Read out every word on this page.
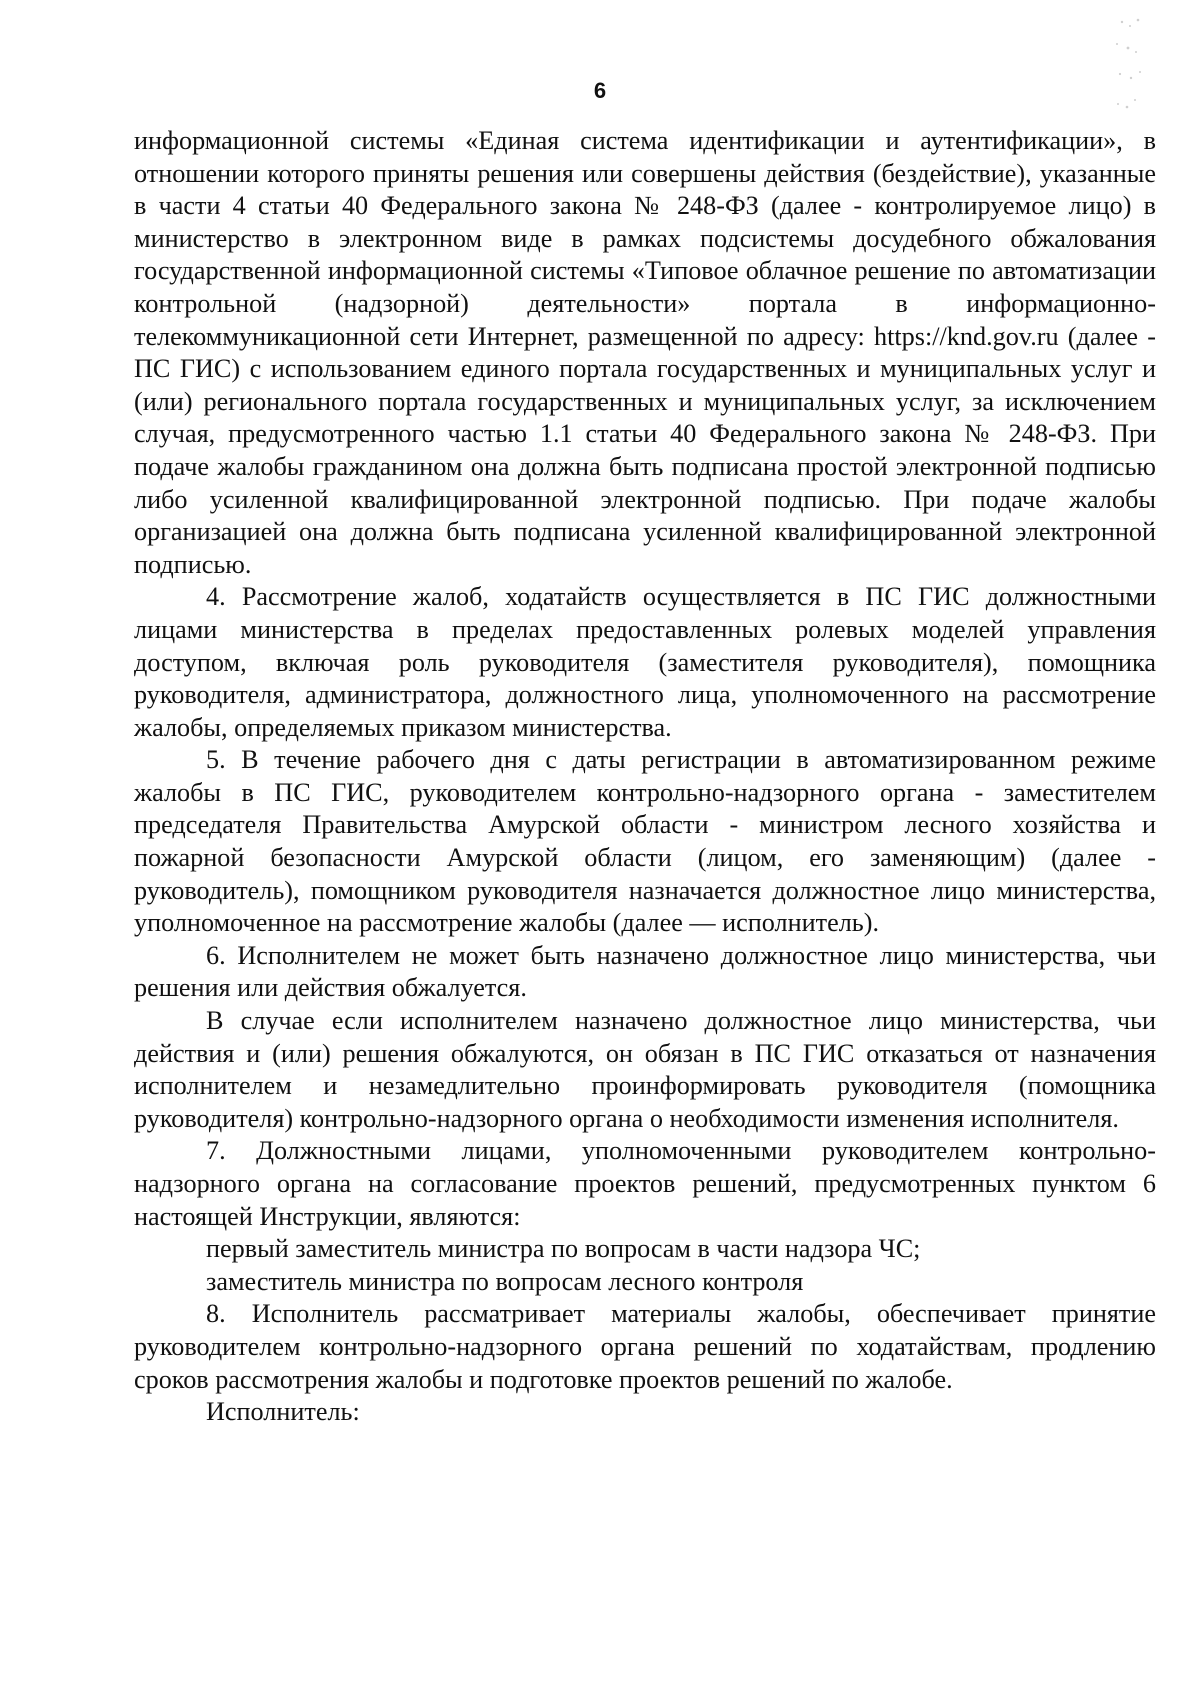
6

информационной системы «Единая система идентификации и аутентификации», в отношении которого приняты решения или совершены действия (бездействие), указанные в части 4 статьи 40 Федерального закона № 248-ФЗ (далее - контролируемое лицо) в министерство в электронном виде в рамках подсистемы досудебного обжалования государственной информационной системы «Типовое облачное решение по автоматизации контрольной (надзорной) деятельности» портала в информационно-телекоммуникационной сети Интернет, размещенной по адресу: https://knd.gov.ru (далее - ПС ГИС) с использованием единого портала государственных и муниципальных услуг и (или) регионального портала государственных и муниципальных услуг, за исключением случая, предусмотренного частью 1.1 статьи 40 Федерального закона № 248-ФЗ. При подаче жалобы гражданином она должна быть подписана простой электронной подписью либо усиленной квалифицированной электронной подписью. При подаче жалобы организацией она должна быть подписана усиленной квалифицированной электронной подписью.

4. Рассмотрение жалоб, ходатайств осуществляется в ПС ГИС должностными лицами министерства в пределах предоставленных ролевых моделей управления доступом, включая роль руководителя (заместителя руководителя), помощника руководителя, администратора, должностного лица, уполномоченного на рассмотрение жалобы, определяемых приказом министерства.

5. В течение рабочего дня с даты регистрации в автоматизированном режиме жалобы в ПС ГИС, руководителем контрольно-надзорного органа - заместителем председателя Правительства Амурской области - министром лесного хозяйства и пожарной безопасности Амурской области (лицом, его заменяющим) (далее - руководитель), помощником руководителя назначается должностное лицо министерства, уполномоченное на рассмотрение жалобы (далее — исполнитель).

6. Исполнителем не может быть назначено должностное лицо министерства, чьи решения или действия обжалуется.

В случае если исполнителем назначено должностное лицо министерства, чьи действия и (или) решения обжалуются, он обязан в ПС ГИС отказаться от назначения исполнителем и незамедлительно проинформировать руководителя (помощника руководителя) контрольно-надзорного органа о необходимости изменения исполнителя.

7. Должностными лицами, уполномоченными руководителем контрольно-надзорного органа на согласование проектов решений, предусмотренных пунктом 6 настоящей Инструкции, являются:

первый заместитель министра по вопросам в части надзора ЧС;

заместитель министра по вопросам лесного контроля

8. Исполнитель рассматривает материалы жалобы, обеспечивает принятие руководителем контрольно-надзорного органа решений по ходатайствам, продлению сроков рассмотрения жалобы и подготовке проектов решений по жалобе.

Исполнитель:
